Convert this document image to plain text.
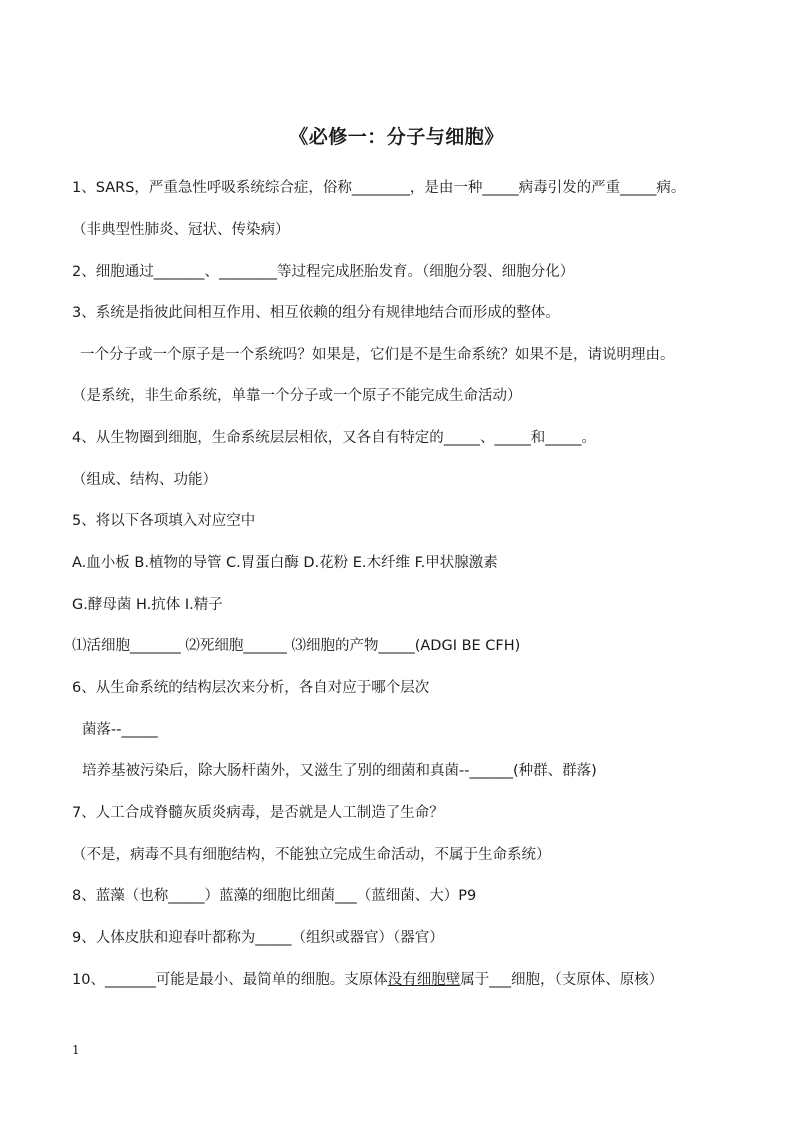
《必修一：分子与细胞》
1、SARS，严重急性呼吸系统综合症，俗称________，是由一种_____病毒引发的严重_____病。
（非典型性肺炎、冠状、传染病）
2、细胞通过_______、________等过程完成胚胎发育。（细胞分裂、细胞分化）
3、系统是指彼此间相互作用、相互依赖的组分有规律地结合而形成的整体。
一个分子或一个原子是一个系统吗？如果是，它们是不是生命系统？如果不是，请说明理由。
（是系统，非生命系统，单靠一个分子或一个原子不能完成生命活动）
4、从生物圈到细胞，生命系统层层相依，又各自有特定的_____、_____和_____。
（组成、结构、功能）
5、将以下各项填入对应空中
A.血小板 B.植物的导管 C.胃蛋白酶 D.花粉 E.木纤维 F.甲状腺激素
G.酵母菌 H.抗体 I.精子
⑴活细胞_______ ⑵死细胞______ ⑶细胞的产物_____(ADGI BE CFH)
6、从生命系统的结构层次来分析，各自对应于哪个层次
菌落--_____
培养基被污染后，除大肠杆菌外，又滋生了别的细菌和真菌--______(种群、群落)
7、人工合成脊髓灰质炎病毒，是否就是人工制造了生命？
（不是，病毒不具有细胞结构，不能独立完成生命活动，不属于生命系统）
8、蓝藻（也称_____）蓝藻的细胞比细菌___（蓝细菌、大）P9
9、人体皮肤和迎春叶都称为_____（组织或器官）（器官）
10、_______可能是最小、最简单的细胞。支原体没有细胞壁属于___细胞，（支原体、原核）
1
